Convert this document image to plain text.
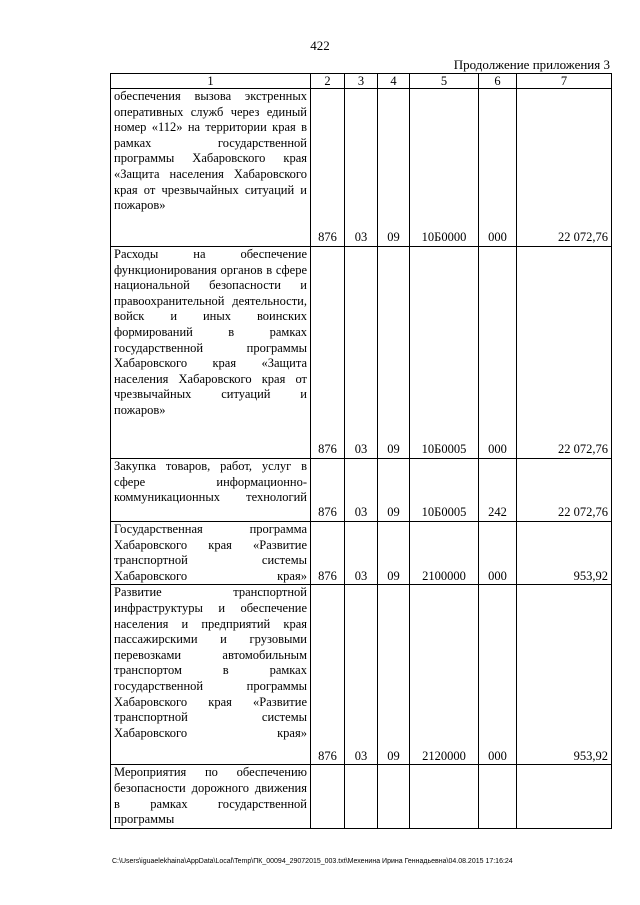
422
Продолжение приложения 3
1	2	3	4	5	6	7
обеспечения вызова экстренных оперативных служб через единый номер «112» на территории края в рамках государственной программы Хабаровского края «Защита населения Хабаровского края от чрезвычайных ситуаций и пожаров»	876	03	09	10Б0000	000	22 072,76
Расходы на обеспечение функционирования органов в сфере национальной безопасности и правоохранительной деятельности, войск и иных воинских формирований в рамках государственной программы Хабаровского края «Защита населения Хабаровского края от чрезвычайных ситуаций и пожаров»	876	03	09	10Б0005	000	22 072,76
Закупка товаров, работ, услуг в сфере информационно-коммуникационных технологий	876	03	09	10Б0005	242	22 072,76
Государственная программа Хабаровского края «Развитие транспортной системы Хабаровского края»	876	03	09	2100000	000	953,92
Развитие транспортной инфраструктуры и обеспечение населения и предприятий края пассажирскими и грузовыми перевозками автомобильным транспортом в рамках государственной программы Хабаровского края «Развитие транспортной системы Хабаровского края»	876	03	09	2120000	000	953,92
Мероприятия по обеспечению безопасности дорожного движения в рамках государственной программы						
C:\Users\iguaelekhaina\AppData\Local\Temp\ПК_00094_29072015_003.txt\Мехенина Ирина Геннадьевна\04.08.2015 17:16:24
